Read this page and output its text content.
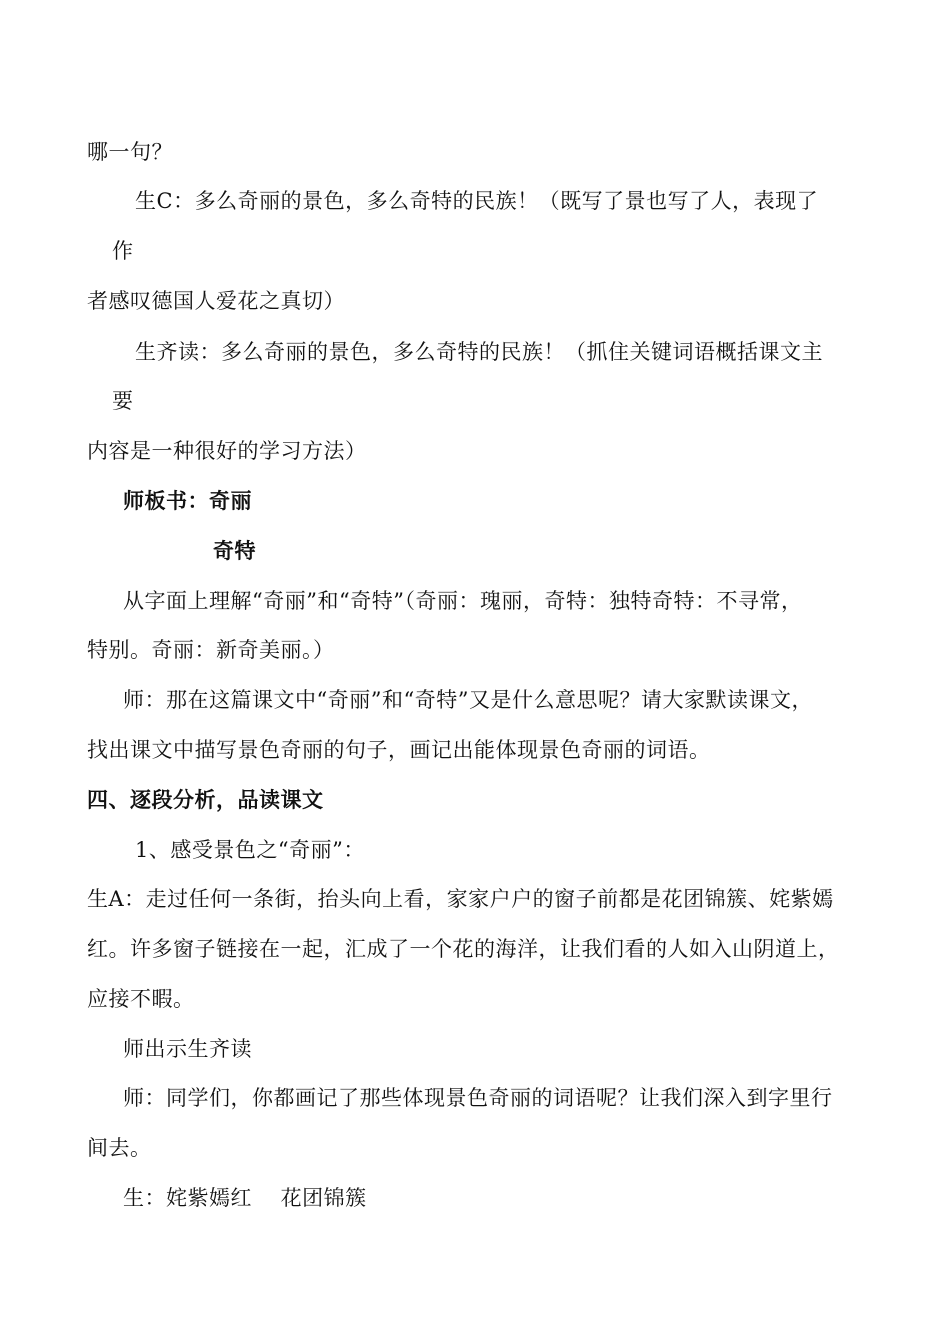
哪一句？
生C：多么奇丽的景色，多么奇特的民族！（既写了景也写了人，表现了
作
者感叹德国人爱花之真切）
生齐读：多么奇丽的景色，多么奇特的民族！（抓住关键词语概括课文主
要
内容是一种很好的学习方法）
师板书：奇丽
奇特
从字面上理解“奇丽”和“奇特”（奇丽：瑰丽，奇特：独特奇特：不寻常，
特别。奇丽：新奇美丽。）
师：那在这篇课文中“奇丽”和“奇特”又是什么意思呢？请大家默读课文，
找出课文中描写景色奇丽的句子，画记出能体现景色奇丽的词语。
四、逐段分析，品读课文
1、感受景色之“奇丽”：
生A：走过任何一条街，抬头向上看，家家户户的窗子前都是花团锦簇、姹紫嫣
红。许多窗子链接在一起，汇成了一个花的海洋，让我们看的人如入山阴道上，
应接不暇。
师出示生齐读
师：同学们，你都画记了那些体现景色奇丽的词语呢？让我们深入到字里行
间去。
生：姹紫嫣红　 花团锦簇
